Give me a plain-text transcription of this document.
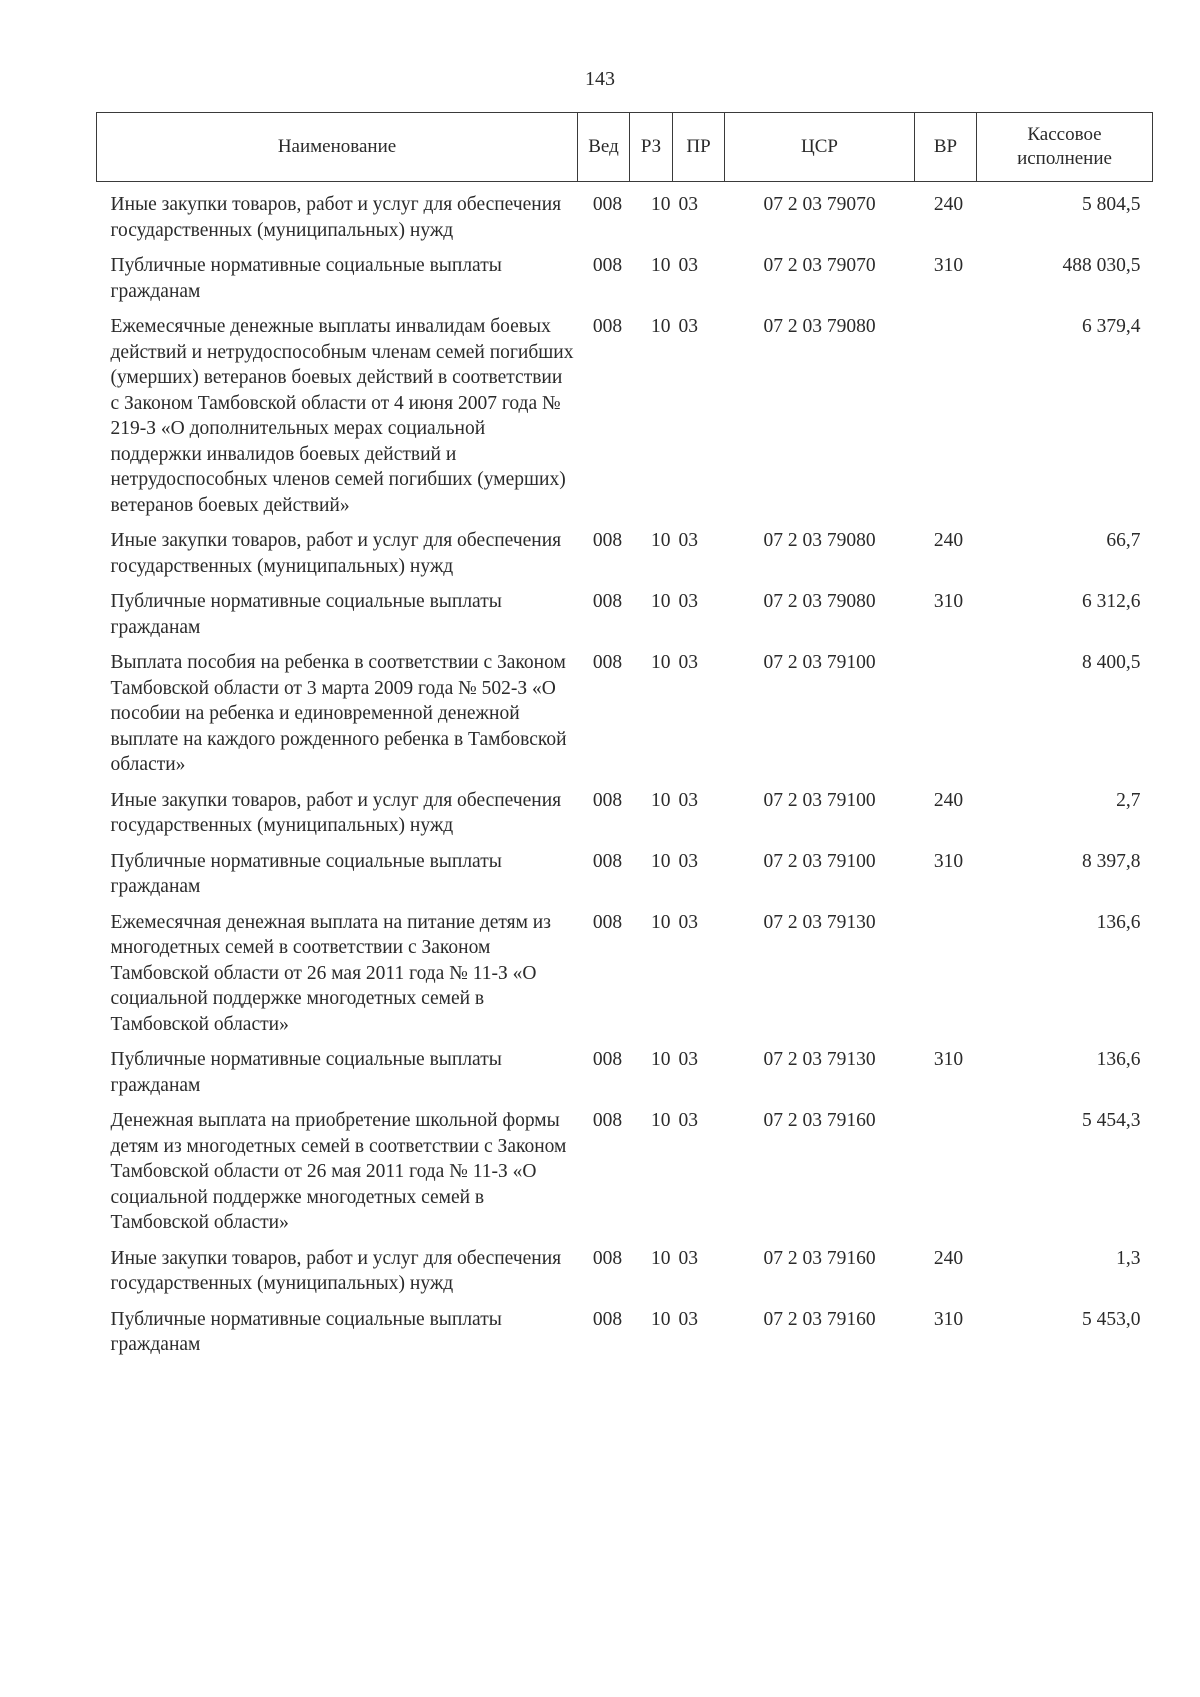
143
Наименование	Вед	РЗ	ПР	ЦСР	ВР	Кассовое исполнение
Иные закупки товаров, работ и услуг для обеспечения государственных (муниципальных) нужд	008	10	03	07 2 03 79070	240	5 804,5
Публичные нормативные социальные выплаты гражданам	008	10	03	07 2 03 79070	310	488 030,5
Ежемесячные денежные выплаты инвалидам боевых действий и нетрудоспособным членам семей погибших (умерших) ветеранов боевых действий в соответствии с Законом Тамбовской области от 4 июня 2007 года № 219-З «О дополнительных мерах социальной поддержки инвалидов боевых действий и нетрудоспособных членов семей погибших (умерших) ветеранов боевых действий»	008	10	03	07 2 03 79080		6 379,4
Иные закупки товаров, работ и услуг для обеспечения государственных (муниципальных) нужд	008	10	03	07 2 03 79080	240	66,7
Публичные нормативные социальные выплаты гражданам	008	10	03	07 2 03 79080	310	6 312,6
Выплата пособия на ребенка в соответствии с Законом Тамбовской области от 3 марта 2009 года № 502-З «О пособии на ребенка и единовременной денежной выплате на каждого рожденного ребенка в Тамбовской области»	008	10	03	07 2 03 79100		8 400,5
Иные закупки товаров, работ и услуг для обеспечения государственных (муниципальных) нужд	008	10	03	07 2 03 79100	240	2,7
Публичные нормативные социальные выплаты гражданам	008	10	03	07 2 03 79100	310	8 397,8
Ежемесячная денежная выплата на питание детям из многодетных семей в соответствии с Законом Тамбовской области от 26 мая 2011 года № 11-З «О социальной поддержке многодетных семей в Тамбовской области»	008	10	03	07 2 03 79130		136,6
Публичные нормативные социальные выплаты гражданам	008	10	03	07 2 03 79130	310	136,6
Денежная выплата на приобретение школьной формы детям из многодетных семей в соответствии с Законом Тамбовской области от 26 мая 2011 года № 11-З «О социальной поддержке многодетных семей в Тамбовской области»	008	10	03	07 2 03 79160		5 454,3
Иные закупки товаров, работ и услуг для обеспечения государственных (муниципальных) нужд	008	10	03	07 2 03 79160	240	1,3
Публичные нормативные социальные выплаты гражданам	008	10	03	07 2 03 79160	310	5 453,0
